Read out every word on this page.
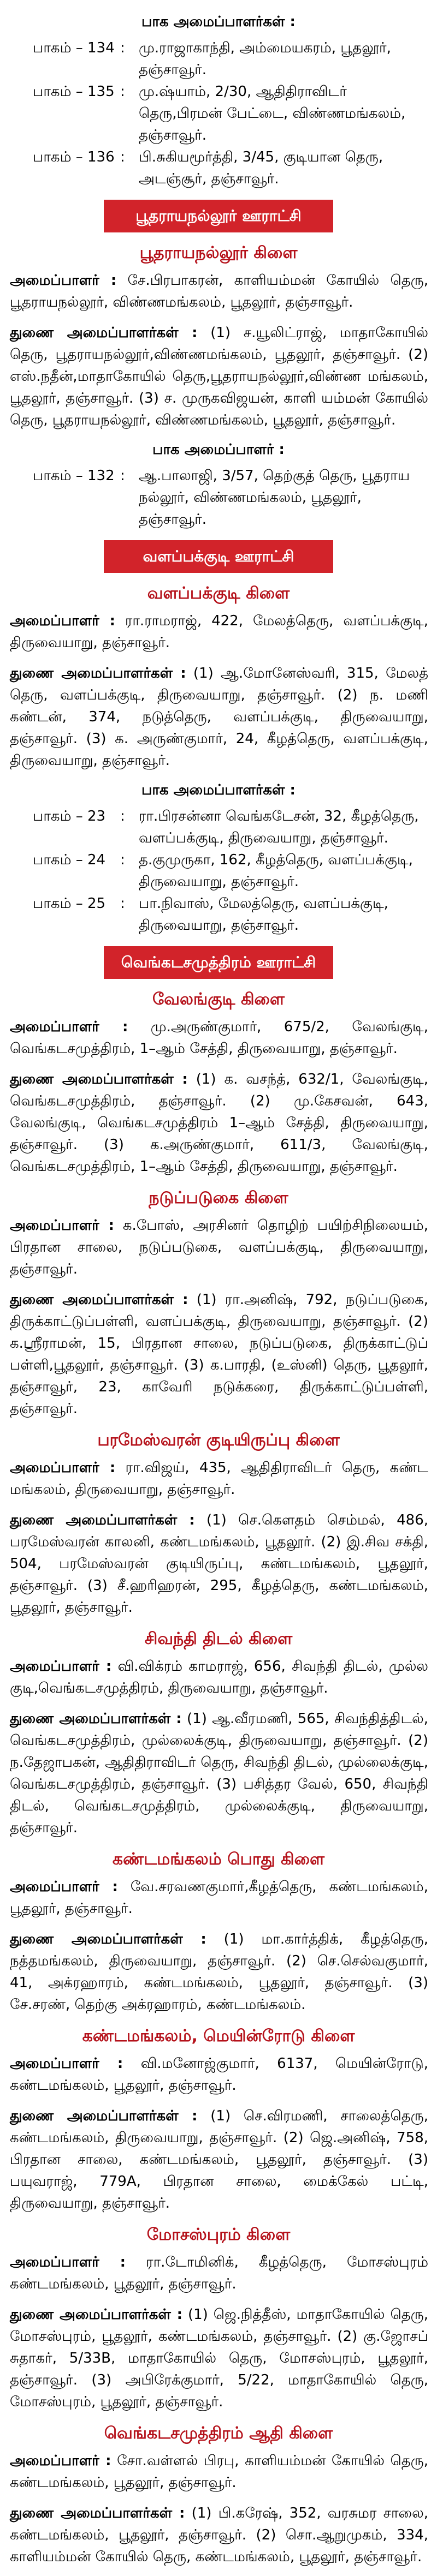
பாக அமைப்பாளர்கள் :
பாகம் – 134 : மு.ராஜாகாந்தி, அம்மையகரம், பூதலூர், தஞ்சாவூர்.
பாகம் – 135 : மு.ஷ்யாம், 2/30, ஆதிதிராவிடர் தெரு,பிரமன் பேட்டை, விண்ணமங்கலம், தஞ்சாவூர்.
பாகம் – 136 : பி.சுகியமூர்த்தி, 3/45, குடியான தெரு, அடஞ்சூர், தஞ்சாவூர்.
பூதராயநல்லூர் ஊராட்சி
பூதராயநல்லூர் கிளை

அமைப்பாளர் : சே.பிரபாகரன், காளியம்மன் கோயில் தெரு, பூதராயநல்லூர், விண்ணமங்கலம், பூதலூர், தஞ்சாவூர்.

துணை அமைப்பாளர்கள் : (1) ச.யூலிட்ராஜ், மாதாகோயில் தெரு, பூதராயநல்லூர்,விண்ணமங்கலம், பூதலூர், தஞ்சாவூர். (2) எஸ்.நதீன்,மாதாகோயில் தெரு,பூதராயநல்லூர்,விண்ண மங்கலம், பூதலூர், தஞ்சாவூர். (3) ச. முருகவிஜயன், காளி யம்மன் கோயில் தெரு, பூதராயநல்லூர், விண்ணமங்கலம், பூதலூர், தஞ்சாவூர்.

பாக அமைப்பாளர் :
பாகம் – 132 : ஆ.பாலாஜி, 3/57, தெற்குத் தெரு, பூதராய நல்லூர், விண்ணமங்கலம், பூதலூர், தஞ்சாவூர்.
வளப்பக்குடி ஊராட்சி
வளப்பக்குடி கிளை

அமைப்பாளர் : ரா.ராமராஜ், 422, மேலத்தெரு, வளப்பக்குடி, திருவையாறு, தஞ்சாவூர்.

துணை அமைப்பாளர்கள் : (1) ஆ.மோனேஸ்வரி, 315, மேலத் தெரு, வளப்பக்குடி, திருவையாறு, தஞ்சாவூர். (2) ந. மணி கண்டன், 374, நடுத்தெரு, வளப்பக்குடி, திருவையாறு, தஞ்சாவூர். (3) க. அருண்குமார், 24, கீழத்தெரு, வளப்பக்குடி, திருவையாறு, தஞ்சாவூர்.

பாக அமைப்பாளர்கள் :
பாகம் – 23	: ரா.பிரசன்னா வெங்கடேசன், 32, கீழத்தெரு, வளப்பக்குடி, திருவையாறு, தஞ்சாவூர்.
பாகம் – 24	: த.குமுருகா, 162, கீழத்தெரு, வளப்பக்குடி, திருவையாறு, தஞ்சாவூர்.
பாகம் – 25	: பா.நிவாஸ், மேலத்தெரு, வளப்பக்குடி, திருவையாறு, தஞ்சாவூர்.
வெங்கடசமுத்திரம் ஊராட்சி
வேலங்குடி கிளை

அமைப்பாளர் : மு.அருண்குமார், 675/2, வேலங்குடி, வெங்கடசமுத்திரம், 1–ஆம் சேத்தி, திருவையாறு, தஞ்சாவூர்.

துணை அமைப்பாளர்கள் : (1) க. வசந்த், 632/1, வேலங்குடி, வெங்கடசமுத்திரம், தஞ்சாவூர். (2) மு.கேசவன், 643, வேலங்குடி, வெங்கடசமுத்திரம் 1–ஆம் சேத்தி, திருவையாறு, தஞ்சாவூர். (3) க.அருண்குமார், 611/3, வேலங்குடி, வெங்கடசமுத்திரம், 1–ஆம் சேத்தி, திருவையாறு, தஞ்சாவூர்.

நடுப்படுகை கிளை

அமைப்பாளர் : க.போஸ், அரசினர் தொழிற் பயிற்சிநிலையம், பிரதான சாலை, நடுப்படுகை, வளப்பக்குடி, திருவையாறு, தஞ்சாவூர்.

துணை அமைப்பாளர்கள் : (1) ரா.அனிஷ், 792, நடுப்படுகை, திருக்காட்டுப்பள்ளி, வளப்பக்குடி, திருவையாறு, தஞ்சாவூர். (2) க.ஸ்ரீராமன், 15, பிரதான சாலை, நடுப்படுகை, திருக்காட்டுப் பள்ளி,பூதலூர், தஞ்சாவூர். (3) க.பாரதி, (உஸ்னி) தெரு, பூதலூர், தஞ்சாவூர், 23, காவேரி நடுக்கரை, திருக்காட்டுப்பள்ளி, தஞ்சாவூர்.

பரமேஸ்வரன் குடியிருப்பு கிளை

அமைப்பாளர் : ரா.விஜய், 435, ஆதிதிராவிடர் தெரு, கண்ட மங்கலம், திருவையாறு, தஞ்சாவூர்.

துணை அமைப்பாளர்கள் : (1) செ.கௌதம் செம்மல், 486, பரமேஸ்வரன் காலனி, கண்டமங்கலம், பூதலூர். (2) இ.சிவ சக்தி, 504, பரமேஸ்வரன் குடியிருப்பு, கண்டமங்கலம், பூதலூர், தஞ்சாவூர். (3) சீ.ஹரிஹரன், 295, கீழத்தெரு, கண்டமங்கலம், பூதலூர், தஞ்சாவூர்.

சிவந்தி திடல் கிளை

அமைப்பாளர் : வி.விக்ரம் காமராஜ், 656, சிவந்தி திடல், முல்ல குடி,வெங்கடசமுத்திரம், திருவையாறு, தஞ்சாவூர்.

துணை அமைப்பாளர்கள் : (1) ஆ.வீரமணி, 565, சிவந்தித்திடல், வெங்கடசமுத்திரம், முல்லைக்குடி, திருவையாறு, தஞ்சாவூர். (2) ந.தேஜாபகன், ஆதிதிராவிடர் தெரு, சிவந்தி திடல், முல்லைக்குடி, வெங்கடசமுத்திரம், தஞ்சாவூர். (3) பசித்தர வேல், 650, சிவந்தி திடல், வெங்கடசமுத்திரம், முல்லைக்குடி, திருவையாறு, தஞ்சாவூர்.

கண்டமங்கலம் பொது கிளை

அமைப்பாளர் : வே.சரவணகுமார்,கீழத்தெரு, கண்டமங்கலம், பூதலூர், தஞ்சாவூர்.

துணை அமைப்பாளர்கள் : (1) மா.கார்த்திக், கீழத்தெரு, நத்தமங்கலம், திருவையாறு, தஞ்சாவூர். (2) செ.செல்வகுமார், 41, அக்ரஹாரம், கண்டமங்கலம், பூதலூர், தஞ்சாவூர். (3) சே.சரண், தெற்கு அக்ரஹாரம், கண்டமங்கலம்.

கண்டமங்கலம், மெயின்ரோடு கிளை

அமைப்பாளர் : வி.மனோஜ்குமார், 6137, மெயின்ரோடு, கண்டமங்கலம், பூதலூர், தஞ்சாவூர்.

துணை அமைப்பாளர்கள் : (1) செ.விரமணி, சாலைத்தெரு, கண்டமங்கலம், திருவையாறு, தஞ்சாவூர். (2) ஜெ.அனிஷ், 758, பிரதான சாலை, கண்டமங்கலம், பூதலூர், தஞ்சாவூர். (3) பயுவராஜ், 779A, பிரதான சாலை, மைக்கேல் பட்டி, திருவையாறு, தஞ்சாவூர்.

மோசஸ்புரம் கிளை

அமைப்பாளர் : ரா.டோமினிக், கீழத்தெரு, மோசஸ்புரம் கண்டமங்கலம், பூதலூர், தஞ்சாவூர்.

துணை அமைப்பாளர்கள் : (1) ஜெ.நித்தீஸ், மாதாகோயில் தெரு, மோசஸ்புரம், பூதலூர், கண்டமங்கலம், தஞ்சாவூர். (2) கு.ஜோசப் சுதாகர், 5/33B, மாதாகோயில் தெரு, மோசஸ்புரம், பூதலூர், தஞ்சாவூர். (3) அபிரேக்குமார், 5/22, மாதாகோயில் தெரு, மோசஸ்புரம், பூதலூர், தஞ்சாவூர்.

வெங்கடசமுத்திரம் ஆதி கிளை

அமைப்பாளர் : சோ.வள்ளல் பிரபு, காளியம்மன் கோயில் தெரு, கண்டமங்கலம், பூதலூர், தஞ்சாவூர்.

துணை அமைப்பாளர்கள் : (1) பி.கரேஷ், 352, வரசுமர சாலை, கண்டமங்கலம், பூதலூர், தஞ்சாவூர். (2) சொ.ஆறுமுகம், 334, காளியம்மன் கோயில் தெரு, கண்டமங்கலம், பூதலூர், தஞ்சாவூர்.
